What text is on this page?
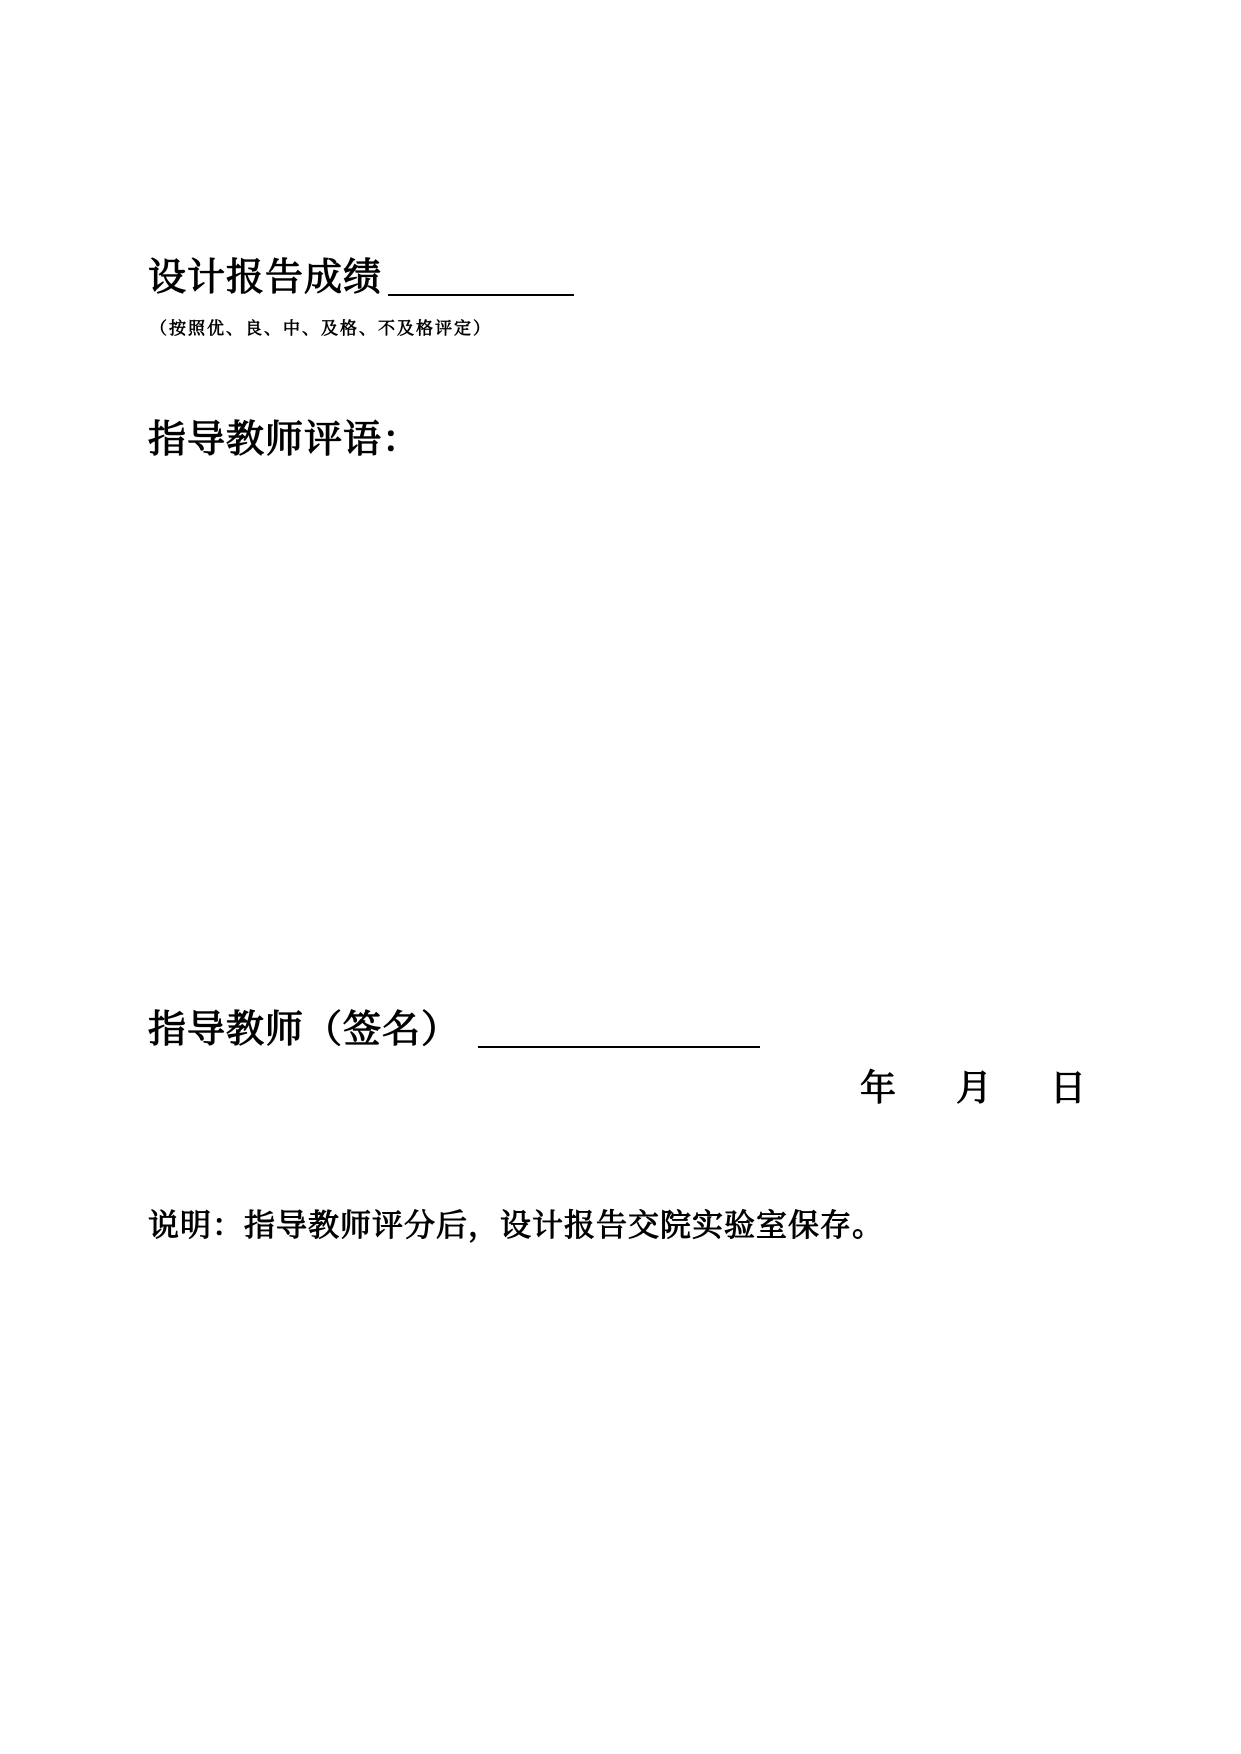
设计报告成绩
（按照优、良、中、及格、不及格评定）
指导教师评语：
指导教师（签名）
年 月 日
说明：指导教师评分后，设计报告交院实验室保存。
